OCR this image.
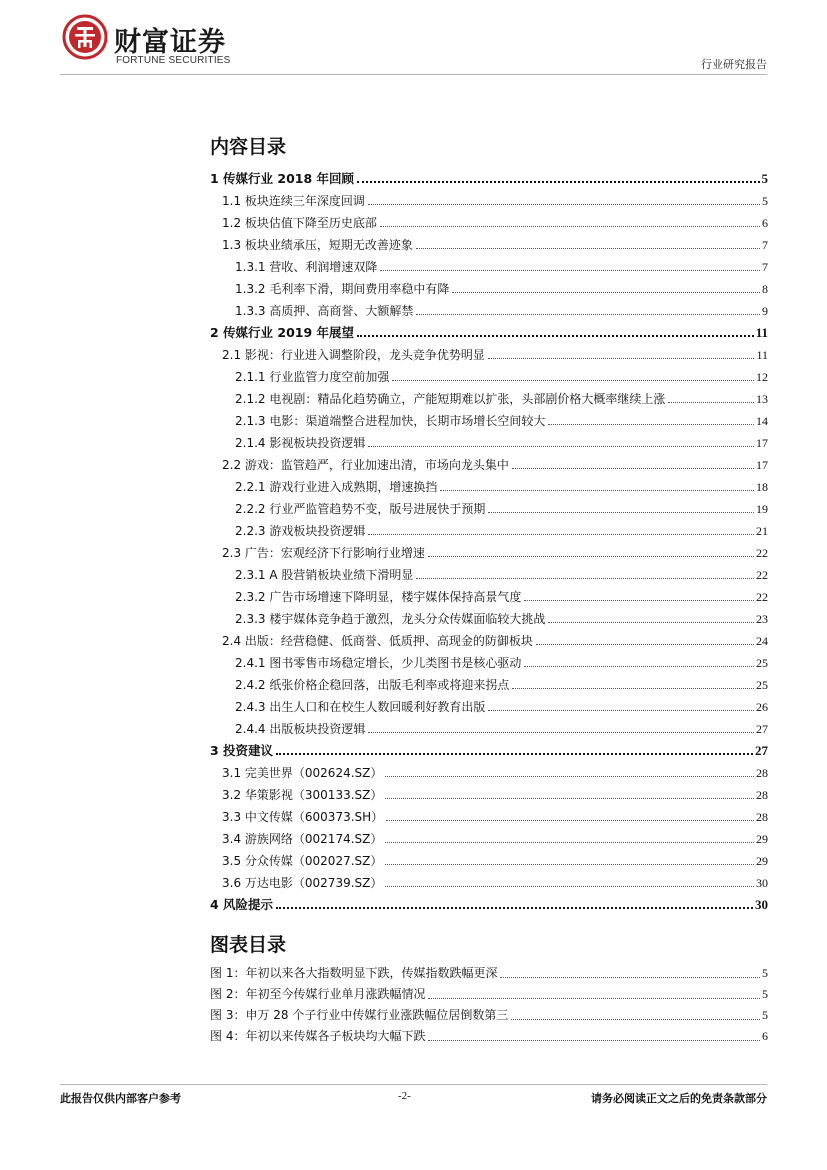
财富证券
FORTUNE SECURITIES	行业研究报告
内容目录
1 传媒行业 2018 年回顾	5
1.1 板块连续三年深度回调	5
1.2 板块估值下降至历史底部	6
1.3 板块业绩承压，短期无改善迹象	7
1.3.1 营收、利润增速双降	7
1.3.2 毛利率下滑，期间费用率稳中有降	8
1.3.3 高质押、高商誉、大额解禁	9
2 传媒行业 2019 年展望	11
2.1 影视：行业进入调整阶段，龙头竞争优势明显	11
2.1.1 行业监管力度空前加强	12
2.1.2 电视剧：精品化趋势确立，产能短期难以扩张，头部剧价格大概率继续上涨	13
2.1.3 电影：渠道端整合进程加快，长期市场增长空间较大	14
2.1.4 影视板块投资逻辑	17
2.2 游戏：监管趋严，行业加速出清，市场向龙头集中	17
2.2.1 游戏行业进入成熟期，增速换挡	18
2.2.2 行业严监管趋势不变，版号进展快于预期	19
2.2.3 游戏板块投资逻辑	21
2.3 广告：宏观经济下行影响行业增速	22
2.3.1 A 股营销板块业绩下滑明显	22
2.3.2 广告市场增速下降明显，楼宇媒体保持高景气度	22
2.3.3 楼宇媒体竞争趋于激烈，龙头分众传媒面临较大挑战	23
2.4 出版：经营稳健、低商誉、低质押、高现金的防御板块	24
2.4.1 图书零售市场稳定增长，少儿类图书是核心驱动	25
2.4.2 纸张价格企稳回落，出版毛利率或将迎来拐点	25
2.4.3 出生人口和在校生人数回暖利好教育出版	26
2.4.4 出版板块投资逻辑	27
3 投资建议	27
3.1 完美世界（002624.SZ）	28
3.2 华策影视（300133.SZ）	28
3.3 中文传媒（600373.SH）	28
3.4 游族网络（002174.SZ）	29
3.5 分众传媒（002027.SZ）	29
3.6 万达电影（002739.SZ）	30
4 风险提示	30
图表目录
图 1：年初以来各大指数明显下跌，传媒指数跌幅更深	5
图 2：年初至今传媒行业单月涨跌幅情况	5
图 3：申万 28 个子行业中传媒行业涨跌幅位居倒数第三	5
图 4：年初以来传媒各子板块均大幅下跌	6
此报告仅供内部客户参考	-2-	请务必阅读正文之后的免责条款部分
